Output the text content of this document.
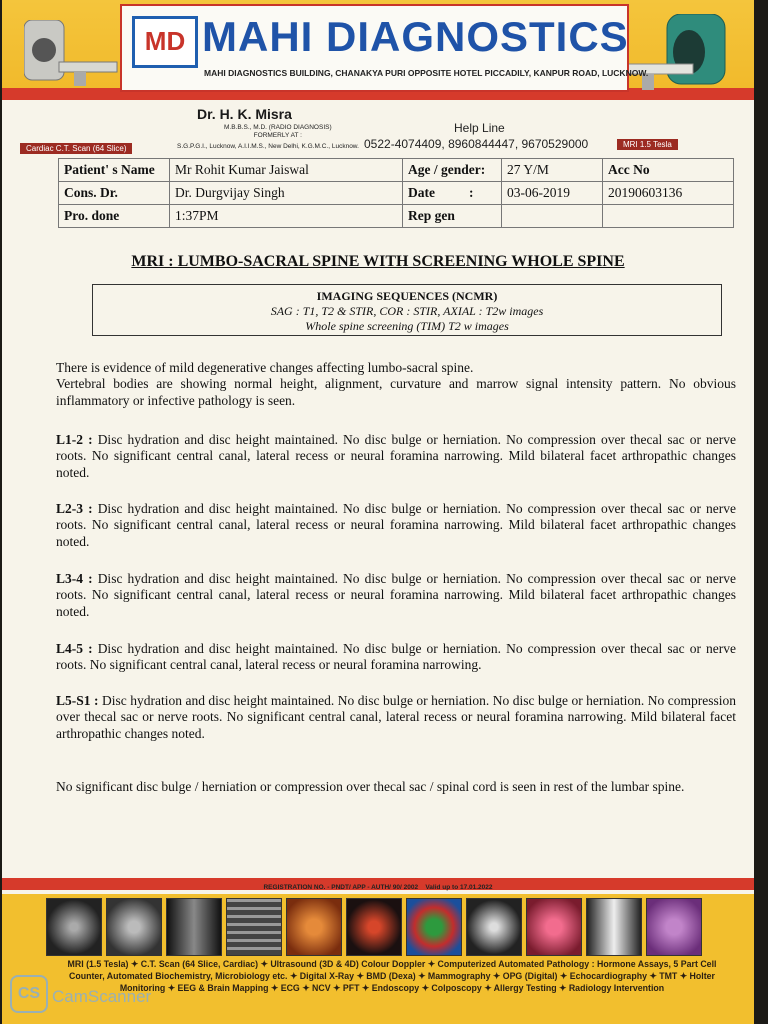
MD MAHI DIAGNOSTICS
MAHI DIAGNOSTICS BUILDING, CHANAKYA PURI OPPOSITE HOTEL PICCADILY, KANPUR ROAD, LUCKNOW.
Cardiac C.T. Scan (64 Slice)	MRI 1.5 Tesla
Dr. H. K. Misra
M.B.B.S., M.D. (RADIO DIAGNOSIS)
FORMERLY AT :
S.G.P.G.I., Lucknow, A.I.I.M.S., New Delhi, K.G.M.C., Lucknow.
Help Line
0522-4074409, 8960844447, 9670529000
Patient' s Name	Mr Rohit Kumar Jaiswal	Age / gender:	27 Y/M	Acc No
Cons. Dr.	Dr. Durgvijay Singh	Date :	03-06-2019	20190603136
Pro. done	1:37PM	Rep gen		
MRI : LUMBO-SACRAL SPINE WITH SCREENING WHOLE SPINE
IMAGING SEQUENCES (NCMR)
SAG : T1, T2 & STIR, COR : STIR, AXIAL : T2w images
Whole spine screening (TIM) T2 w images
There is evidence of mild degenerative changes affecting lumbo-sacral spine.
Vertebral bodies are showing normal height, alignment, curvature and marrow signal intensity pattern. No obvious inflammatory or infective pathology is seen.
L1-2 : Disc hydration and disc height maintained. No disc bulge or herniation. No compression over thecal sac or nerve roots. No significant central canal, lateral recess or neural foramina narrowing. Mild bilateral facet arthropathic changes noted.
L2-3 : Disc hydration and disc height maintained. No disc bulge or herniation. No compression over thecal sac or nerve roots. No significant central canal, lateral recess or neural foramina narrowing. Mild bilateral facet arthropathic changes noted.
L3-4 : Disc hydration and disc height maintained. No disc bulge or herniation. No compression over thecal sac or nerve roots. No significant central canal, lateral recess or neural foramina narrowing. Mild bilateral facet arthropathic changes noted.
L4-5 : Disc hydration and disc height maintained. No disc bulge or herniation. No compression over thecal sac or nerve roots. No significant central canal, lateral recess or neural foramina narrowing.
L5-S1 : Disc hydration and disc height maintained. No disc bulge or herniation. No disc bulge or herniation. No compression over thecal sac or nerve roots. No significant central canal, lateral recess or neural foramina narrowing. Mild bilateral facet arthropathic changes noted.
No significant disc bulge / herniation or compression over thecal sac / spinal cord is seen in rest of the lumbar spine.
REGISTRATION NO. - PNDT/ APP - AUTH/ 90/ 2002 Valid up to 17.01.2022
MRI (1.5 Tesla) ✦ C.T. Scan (64 Slice, Cardiac) ✦ Ultrasound (3D & 4D) Colour Doppler ✦ Computerized Automated Pathology : Hormone Assays, 5 Part Cell Counter, Automated Biochemistry, Microbiology etc. ✦ Digital X-Ray ✦ BMD (Dexa) ✦ Mammography ✦ OPG (Digital) ✦ Echocardiography ✦ TMT ✦ Holter Monitoring ✦ EEG & Brain Mapping ✦ ECG ✦ NCV ✦ PFT ✦ Endoscopy ✦ Colposcopy ✦ Allergy Testing ✦ Radiology Intervention
CS CamScanner
